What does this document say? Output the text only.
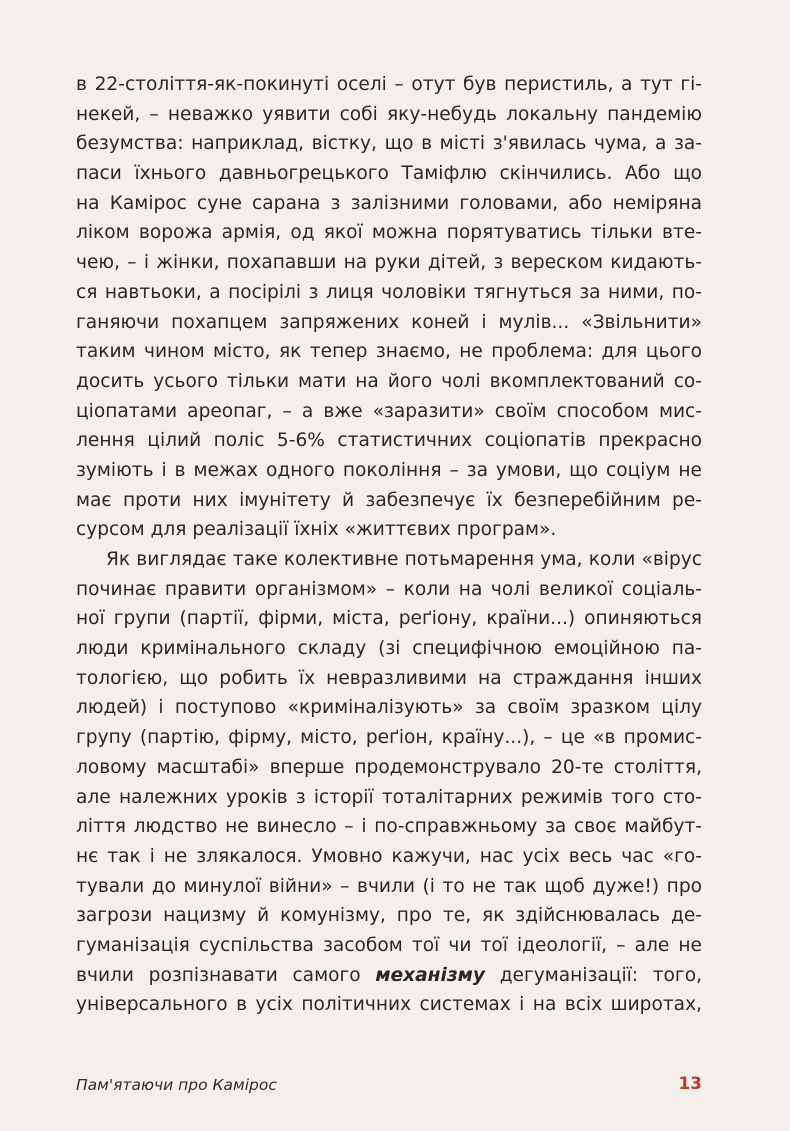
в 22-століття-як-покинуті оселі – отут був перистиль, а тут гі-
некей, – неважко уявити собі яку-небудь локальну пандемію
безумства: наприклад, вістку, що в місті з'явилась чума, а за-
паси їхнього давньогрецького Таміфлю скінчились. Або що
на Камірос суне сарана з залізними головами, або неміряна
ліком ворожа армія, од якої можна порятуватись тільки вте-
чею, – і жінки, похапавши на руки дітей, з вереском кидають-
ся навтьоки, а посірілі з лиця чоловіки тягнуться за ними, по-
ганяючи похапцем запряжених коней і мулів... «Звільнити»
таким чином місто, як тепер знаємо, не проблема: для цього
досить усього тільки мати на його чолі вкомплектований со-
ціопатами ареопаг, – а вже «заразити» своїм способом мис-
лення цілий поліс 5-6% статистичних соціопатів прекрасно
зуміють і в межах одного покоління – за умови, що соціум не
має проти них імунітету й забезпечує їх безперебійним ре-
сурсом для реалізації їхніх «життєвих програм».
Як виглядає таке колективне потьмарення ума, коли «вірус
починає правити організмом» – коли на чолі великої соціаль-
ної групи (партії, фірми, міста, реґіону, країни...) опиняються
люди кримінального складу (зі специфічною емоційною па-
тологією, що робить їх невразливими на страждання інших
людей) і поступово «криміналізують» за своїм зразком цілу
групу (партію, фірму, місто, реґіон, країну...), – це «в промис-
ловому масштабі» вперше продемонструвало 20-те століття,
але належних уроків з історії тоталітарних режимів того сто-
ліття людство не винесло – і по-справжньому за своє майбут-
нє так і не злякалося. Умовно кажучи, нас усіх весь час «го-
тували до минулої війни» – вчили (і то не так щоб дуже!) про
загрози нацизму й комунізму, про те, як здійснювалась де-
гуманізація суспільства засобом тої чи тої ідеології, – але не
вчили розпізнавати самого механізму дегуманізації: того,
універсального в усіх політичних системах і на всіх широтах,
Пам'ятаючи про Камірос	13
